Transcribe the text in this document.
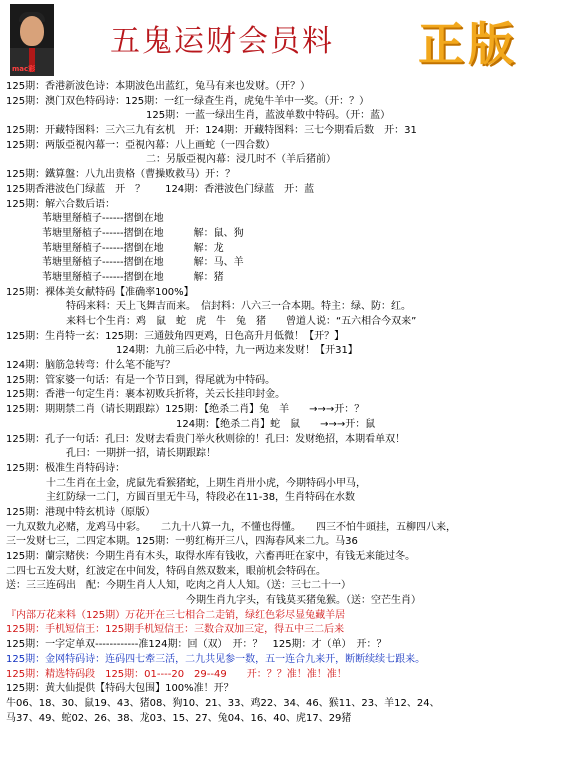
mac彩
五鬼运财会员料 正版
125期：香港新波色诗：本期波色出蓝红，兔马有来也发财。（开？）
125期：澳门双色特码诗：125期：一红一绿查生肖，虎兔牛羊中一奖。（开：？）
125期：一蓝一绿出生肖，蓝波单数中特码。（开：蓝）
125期：开藏特图料：三六三九有玄机　开：124期：开藏特图料：三七今期看后数　开：31
125期：两版亞視內幕一：亞視內幕：八上画蛇（一四合数）
二：另版亞視內幕：浸几时不（羊后猪前）
125期：鐵算盤：八九出贵格（曹操败救马）开：？
125期香港波色门绿蓝　开　？　　124期：香港波色门绿蓝　开：蓝
125期：解六合数后语：
苇塘里掰植子------摺倒在地
苇塘里掰植子------摺倒在地　　　解：鼠、狗
苇塘里掰植子------摺倒在地　　　解：龙
苇塘里掰植子------摺倒在地　　　解：马、羊
苇塘里掰植子------摺倒在地　　　解：猪
125期：裸体美女献特码【准确率100%】
特码来料：天上飞舞吉而来。　信封料：八六三一合本期。特主：绿、防：红。
来料七个生肖：鸡　鼠　蛇　虎　牛　兔　猪　　曾道人说：“五六相合今双来”
125期：生肖特一玄：125期：三通鼓角四更鸡，日色高升月低微！【开？】
124期：九前三后必中特，九一两边来发财！【开31】
124期：脑筋急转弯：什么笔不能写？
125期：管家婆一句话：有是一个节日到，得尾就为中特码。
125期：香港一句定生肖：裹本初败兵折将，关云长挂印封金。
125期：期期禁二肖（请长期跟踪）125期：【绝杀二肖】兔　羊　　→→→开：？
124期：【绝杀二肖】蛇　鼠　　→→→开：鼠
125期：孔子一句话：孔曰：发财去看贵门举火秋则徐的！孔曰：发财绝招，本期看单双！
孔曰：一期拼一招，请长期跟踪！
125期：极准生肖特码诗：
十二生肖在土金，虎鼠先看猴猪蛇，上期生肖卅小虎，今期特码小甲马，
主红防绿一二门，方圆百里无牛马，特段必在11-38，生肖特码在水数
125期：港现中特玄机诗（原版）
一九双数九必赌，龙鸡马中彩。　　二九十八算一九，不懂也得懂。　　四三不怕牛頭挂，五柳四八来，
三一发财七三，二四定本期。125期：一剪红梅开三八，四海春风来二九。马36
125期：蘭宗赌侠：今期生肖有木头，取得水库有钱收，六畜再旺在家中，有钱无来能过冬。
二四七五发大财，红波定在中间发，特码自然双数来，眼前机会特码在。
送：三三连码出　配：今期生肖人人知，吃肉之肖人人知。（送：三七二十一）
今期生肖九字头，有钱莫买猪兔猴。（送：空芒生肖）
『内部万花来料（125期）万花开在三七相合二走销，绿红色彩尽显兔藏羊居
125期：手机短信王：125期手机短信王：三数合双加三定，得五中三二后来
125期：一字定单双------------准124期：回（双）　开：？　125期：才（单）　开：？
125期：金网特码诗：连码四七牽三活，二九共见参一数，五一连合九来开，断断续续七跟来。
125期：精选特码段　125期：01----20　29--49　　开：？？准！准！准！
125期：黄大仙提供【特码大包围】100%准！开？
牛06、18、30、鼠19、43、猪08、狗10、21、33、鸡22、34、46、猴11、23、羊12、24、
马37、49、蛇02、26、38、龙03、15、27、兔04、16、40、虎17、29猪
